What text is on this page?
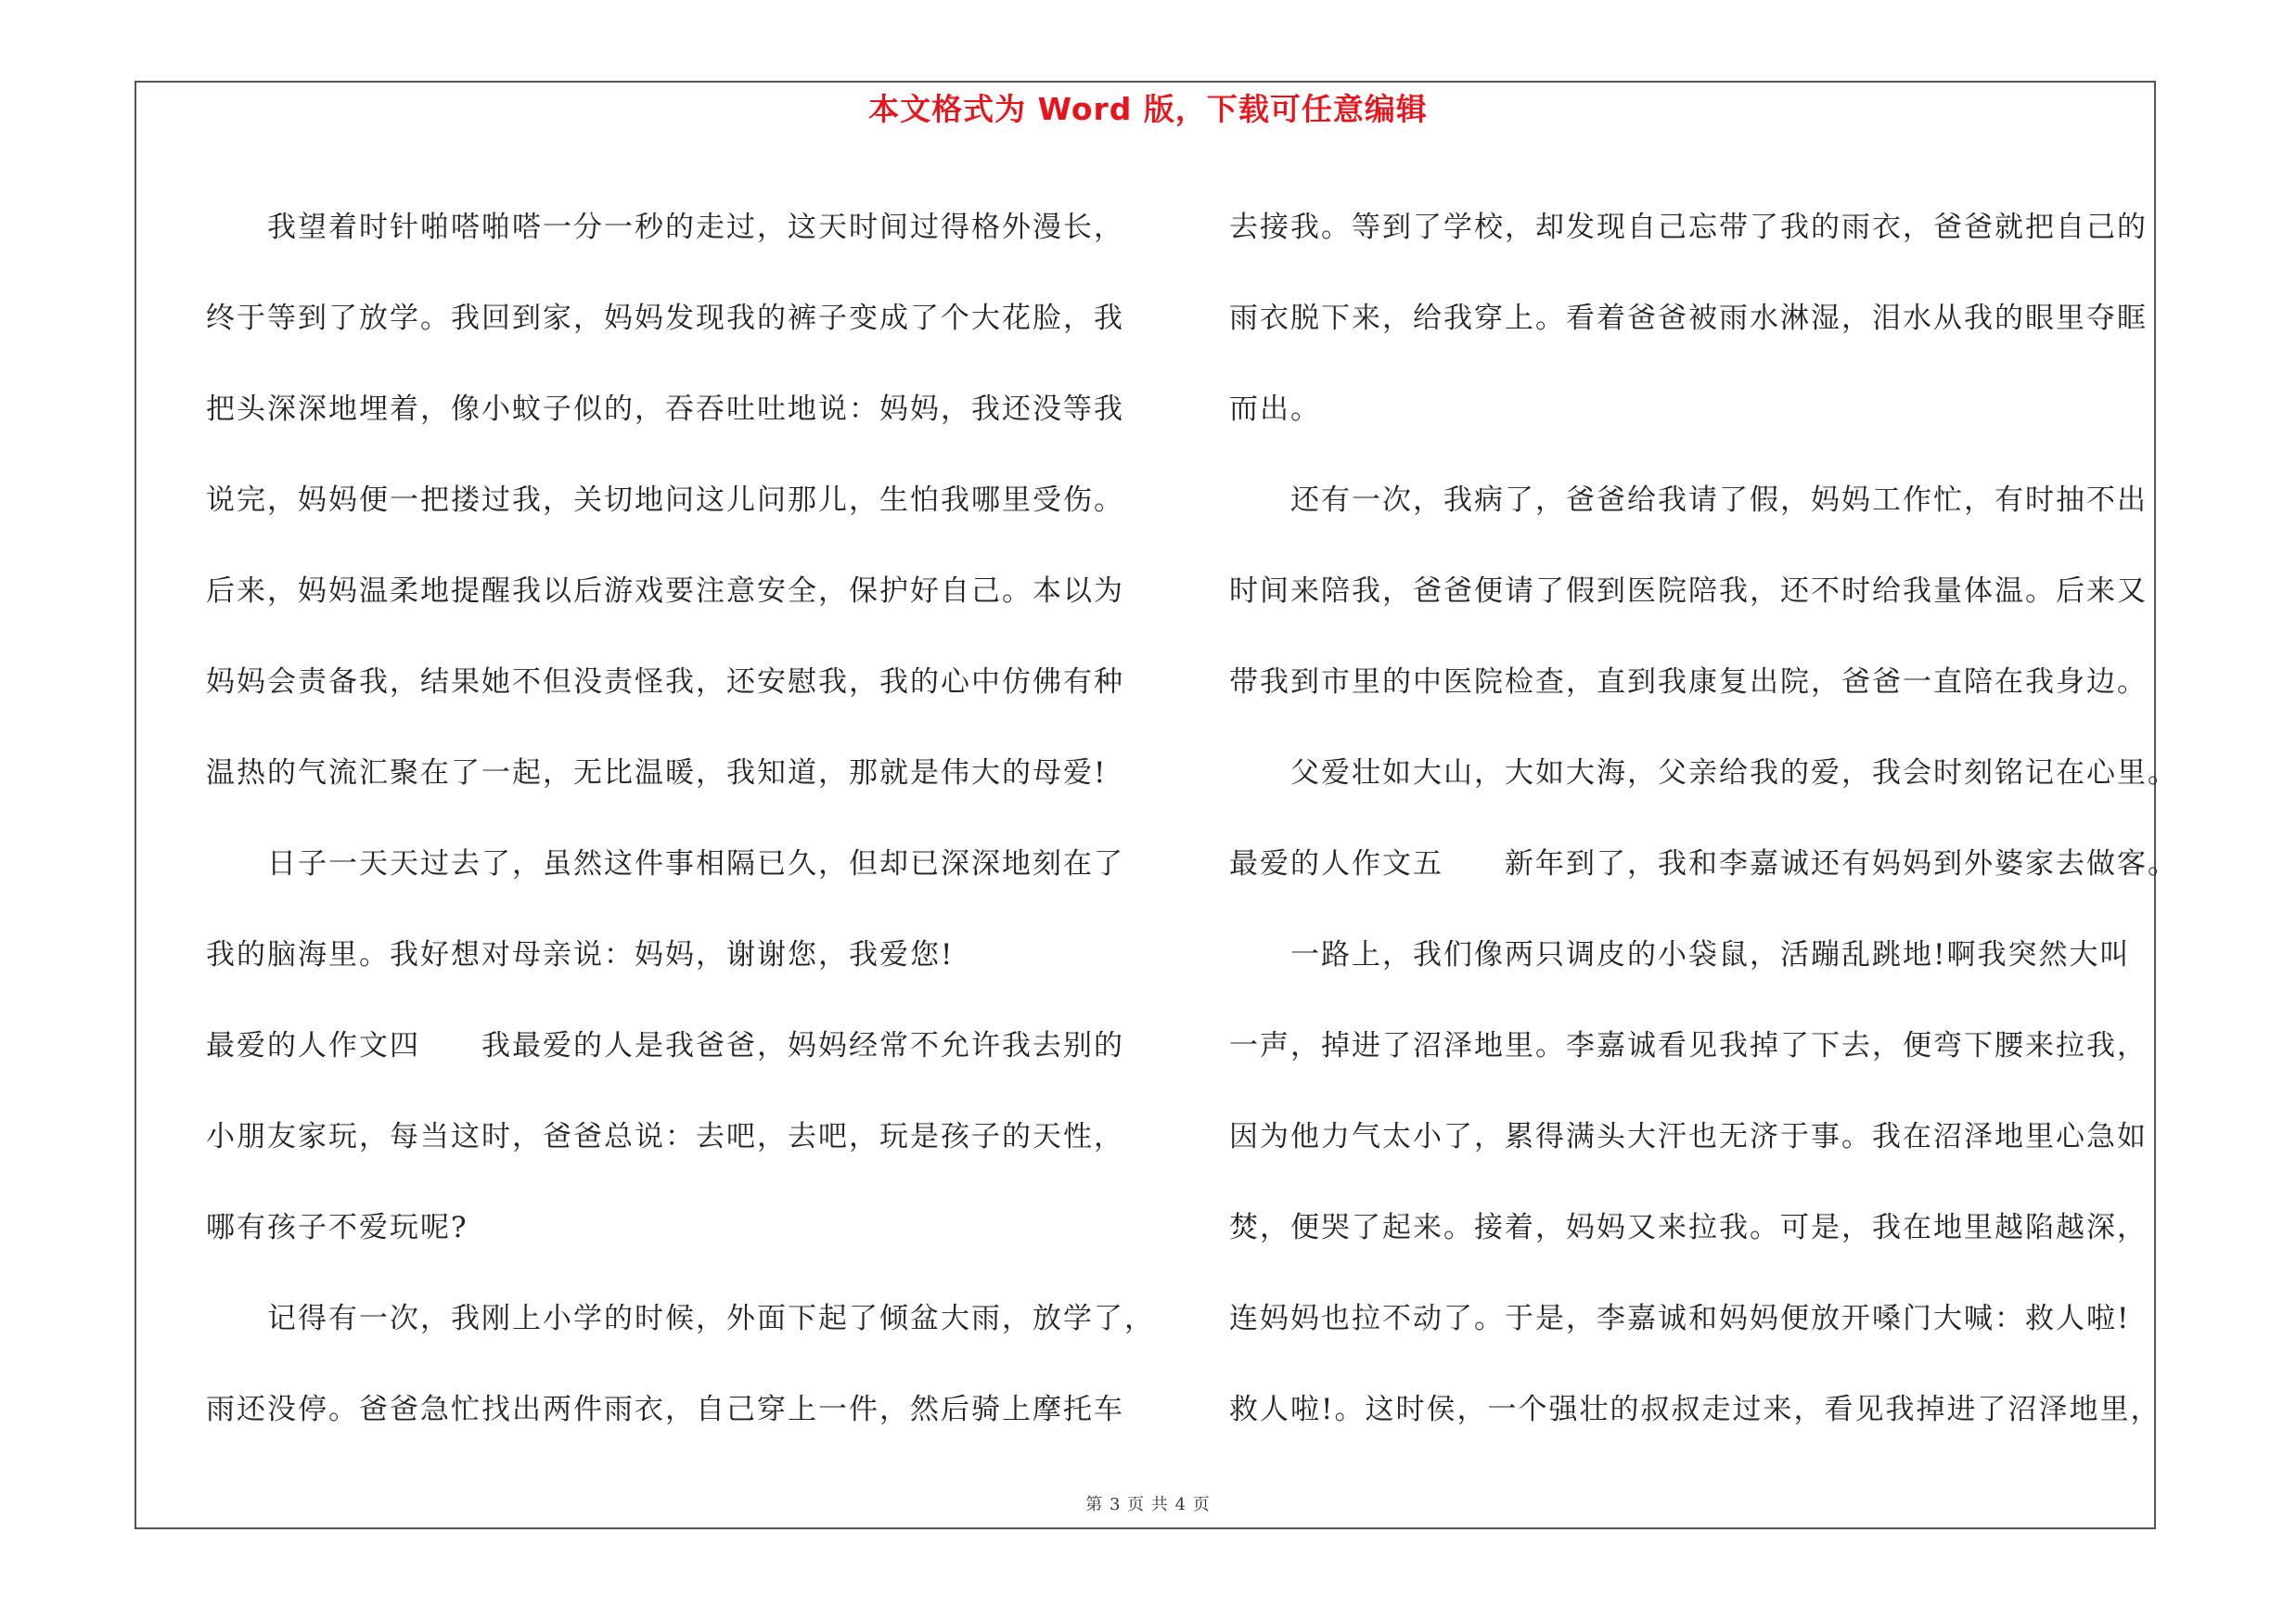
本文格式为 Word 版，下载可任意编辑
我望着时针啪嗒啪嗒一分一秒的走过，这天时间过得格外漫长，
终于等到了放学。我回到家，妈妈发现我的裤子变成了个大花脸，我
把头深深地埋着，像小蚊子似的，吞吞吐吐地说：妈妈，我还没等我
说完，妈妈便一把搂过我，关切地问这儿问那儿，生怕我哪里受伤。
后来，妈妈温柔地提醒我以后游戏要注意安全，保护好自己。本以为
妈妈会责备我，结果她不但没责怪我，还安慰我，我的心中仿佛有种
温热的气流汇聚在了一起，无比温暖，我知道，那就是伟大的母爱!
日子一天天过去了，虽然这件事相隔已久，但却已深深地刻在了
我的脑海里。我好想对母亲说：妈妈，谢谢您，我爱您!
最爱的人作文四　　我最爱的人是我爸爸，妈妈经常不允许我去别的
小朋友家玩，每当这时，爸爸总说：去吧，去吧，玩是孩子的天性，
哪有孩子不爱玩呢?
记得有一次，我刚上小学的时候，外面下起了倾盆大雨，放学了，
雨还没停。爸爸急忙找出两件雨衣，自己穿上一件，然后骑上摩托车
去接我。等到了学校，却发现自己忘带了我的雨衣，爸爸就把自己的
雨衣脱下来，给我穿上。看着爸爸被雨水淋湿，泪水从我的眼里夺眶
而出。
还有一次，我病了，爸爸给我请了假，妈妈工作忙，有时抽不出
时间来陪我，爸爸便请了假到医院陪我，还不时给我量体温。后来又
带我到市里的中医院检查，直到我康复出院，爸爸一直陪在我身边。
父爱壮如大山，大如大海，父亲给我的爱，我会时刻铭记在心里。
最爱的人作文五　　新年到了，我和李嘉诚还有妈妈到外婆家去做客。
一路上，我们像两只调皮的小袋鼠，活蹦乱跳地!啊我突然大叫
一声，掉进了沼泽地里。李嘉诚看见我掉了下去，便弯下腰来拉我，
因为他力气太小了，累得满头大汗也无济于事。我在沼泽地里心急如
焚，便哭了起来。接着，妈妈又来拉我。可是，我在地里越陷越深，
连妈妈也拉不动了。于是，李嘉诚和妈妈便放开嗓门大喊：救人啦!
救人啦!。这时侯，一个强壮的叔叔走过来，看见我掉进了沼泽地里，
第 3 页 共 4 页
